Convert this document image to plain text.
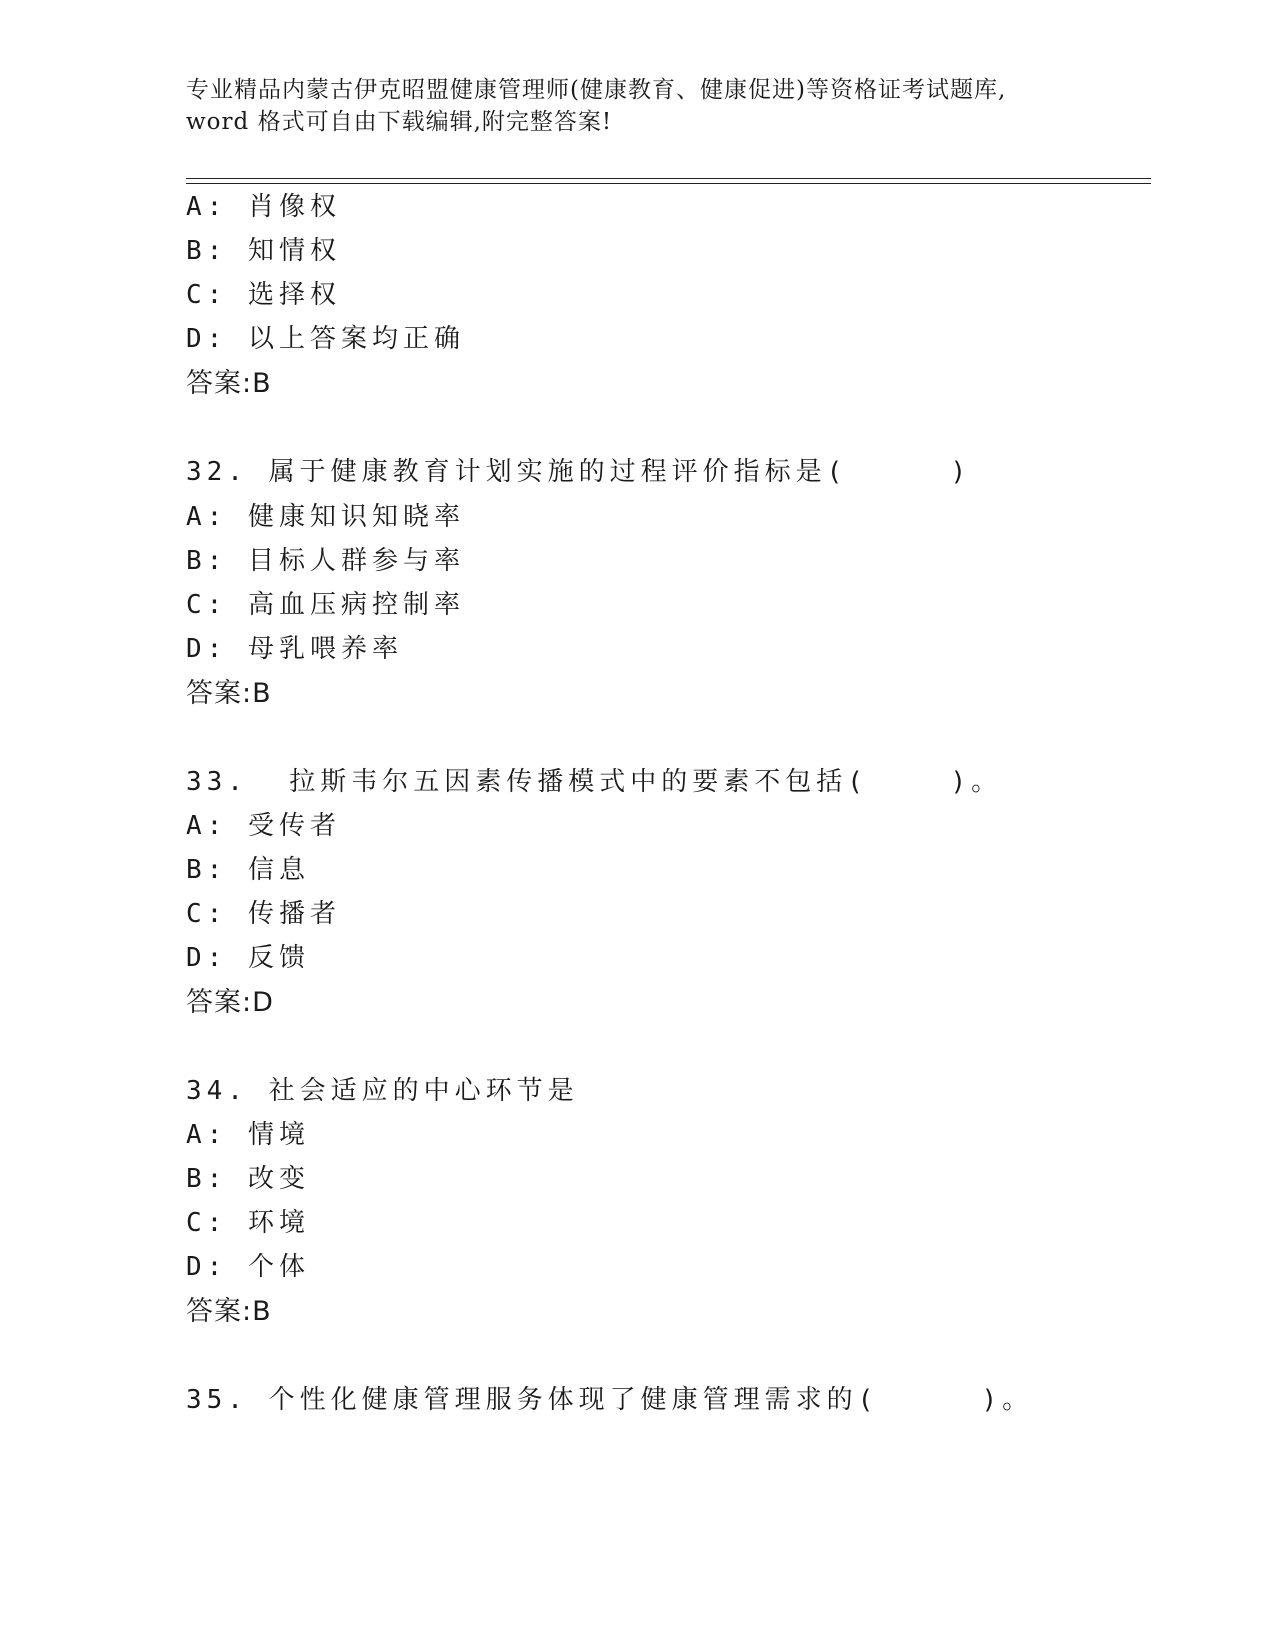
专业精品内蒙古伊克昭盟健康管理师(健康教育、健康促进)等资格证考试题库,
word 格式可自由下载编辑,附完整答案!
A: 肖像权
B: 知情权
C: 选择权
D: 以上答案均正确
答案:B
32. 属于健康教育计划实施的过程评价指标是(     )
A: 健康知识知晓率
B: 目标人群参与率
C: 高血压病控制率
D: 母乳喂养率
答案:B
33.  拉斯韦尔五因素传播模式中的要素不包括(    )。
A: 受传者
B: 信息
C: 传播者
D: 反馈
答案:D
34. 社会适应的中心环节是
A: 情境
B: 改变
C: 环境
D: 个体
答案:B
35. 个性化健康管理服务体现了健康管理需求的(     )。
